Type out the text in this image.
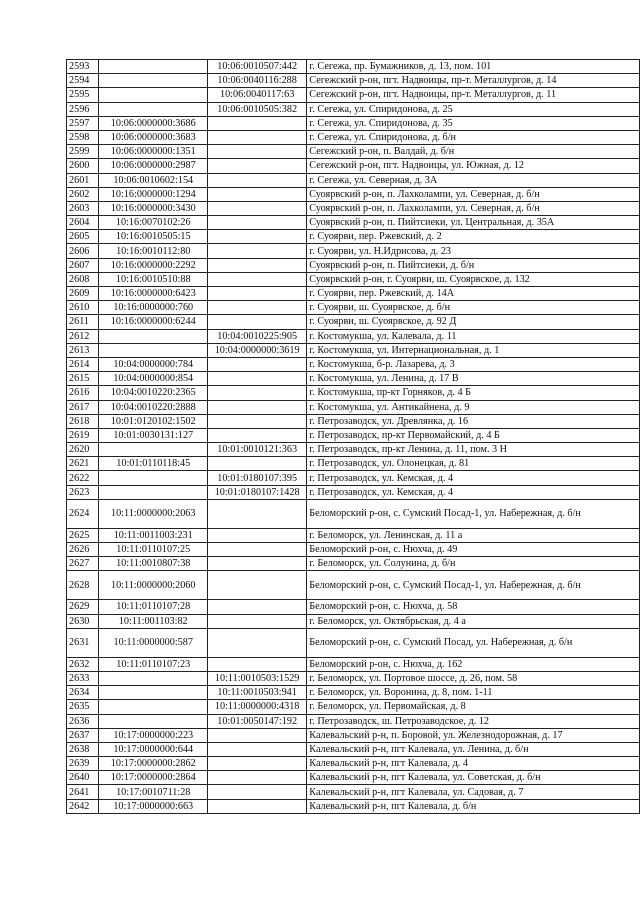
2593		10:06:0010507:442	г. Сегежа, пр. Бумажников, д. 13, пом. 101
2594		10:06:0040116:288	Сегежский р-он, пгт. Надвоицы, пр-т. Металлургов, д. 14
2595		10:06:0040117:63	Сегежский р-он, пгт. Надвоицы, пр-т. Металлургов, д. 11
2596		10:06:0010505:382	г. Сегежа, ул. Спиридонова, д. 25
2597	10:06:0000000:3686		г. Сегежа, ул. Спиридонова, д. 35
2598	10:06:0000000:3683		г. Сегежа, ул. Спиридонова, д. б/н
2599	10:06:0000000:1351		Сегежский р-он, п. Валдай, д. б/н
2600	10:06:0000000:2987		Сегежский р-он, пгт. Надвоицы, ул. Южная, д. 12
2601	10:06:0010602:154		г. Сегежа, ул. Северная, д. 3А
2602	10:16:0000000:1294		Суоярвский р-он, п. Лахколампи, ул. Северная, д. б/н
2603	10:16:0000000:3430		Суоярвский р-он, п. Лахколампи, ул. Северная, д. б/н
2604	10:16:0070102:26		Суоярвский р-он, п. Пийтсиеки, ул. Центральная, д. 35А
2605	10:16:0010505:15		г. Суоярви, пер. Ржевский, д. 2
2606	10:16:0010112:80		г. Суоярви, ул. Н.Идрисова, д. 23
2607	10:16:0000000:2292		Суоярвский р-он, п. Пийтсиеки, д. б/н
2608	10:16:0010510:88		Суоярвский р-он, г. Суоярви, ш. Суоярвское, д. 132
2609	10:16:0000000:6423		г. Суоярви, пер. Ржевский, д. 14А
2610	10:16:0000000:760		г. Суоярви, ш. Суоярвское, д. б/н
2611	10:16:0000000:6244		г. Суоярви, ш. Суоярвское, д. 92 Д
2612		10:04:0010225:905	г. Костомукша, ул. Калевала, д. 11
2613		10:04:0000000:3619	г. Костомукша, ул. Интернациональная, д. 1
2614	10:04:0000000:784		г. Костомукша, б-р. Лазарева, д. 3
2615	10:04:0000000:854		г. Костомукша, ул. Ленина, д. 17 В
2616	10:04:0010220:2365		г. Костомукша, пр-кт Горняков, д. 4 Б
2617	10:04:0010220:2888		г. Костомукша, ул. Антикайнена, д. 9
2618	10:01:0120102:1502		г. Петрозаводск, ул. Древлянка, д. 16
2619	10:01:0030131:127		г. Петрозаводск, пр-кт Первомайский, д. 4 Б
2620		10:01:0010121:363	г. Петрозаводск, пр-кт Ленина, д. 11, пом. 3 Н
2621	10:01:0110118:45		г. Петрозаводск, ул. Олонецкая, д. 81
2622		10:01:0180107:395	г. Петрозаводск, ул. Кемская, д. 4
2623		10:01:0180107:1428	г. Петрозаводск, ул. Кемская, д. 4
2624	10:11:0000000:2063		Беломорский р-он, с. Сумский Посад-1, ул. Набережная, д. б/н
2625	10:11:0011003:231		г. Беломорск, ул. Ленинская, д. 11 а
2626	10:11:0110107:25		Беломорский р-он, с. Нюхча, д. 49
2627	10:11:0010807:38		г. Беломорск, ул. Солунина, д. б/н
2628	10:11:0000000:2060		Беломорский р-он, с. Сумский Посад-1, ул. Набережная, д. б/н
2629	10:11:0110107:28		Беломорский р-он, с. Нюхча, д. 58
2630	10:11:001103:82		г. Беломорск, ул. Октябрьская, д. 4 а
2631	10:11:0000000:587		Беломорский р-он, с. Сумский Посад, ул. Набережная, д. б/н
2632	10:11:0110107:23		Беломорский р-он, с. Нюхча, д. 162
2633		10:11:0010503:1529	г. Беломорск, ул. Портовое шоссе, д. 26, пом. 58
2634		10:11:0010503:941	г. Беломорск, ул. Воронина, д. 8, пом. 1-11
2635		10:11:0000000:4318	г. Беломорск, ул. Первомайская, д. 8
2636		10:01:0050147:192	г. Петрозаводск, ш. Петрозаводское, д. 12
2637	10:17:0000000:223		Калевальский р-н, п. Боровой, ул. Железнодорожная, д. 17
2638	10:17:0000000:644		Калевальский р-н, пгт Калевала, ул. Ленина, д. б/н
2639	10:17:0000000:2862		Калевальский р-н, пгт Калевала, д. 4
2640	10:17:0000000:2864		Калевальский р-н, пгт Калевала, ул. Советская, д. б/н
2641	10:17:0010711:28		Калевальский р-н, пгт Калевала, ул. Садовая, д. 7
2642	10:17:0000000:663		Калевальский р-н, пгт Калевала, д. б/н
